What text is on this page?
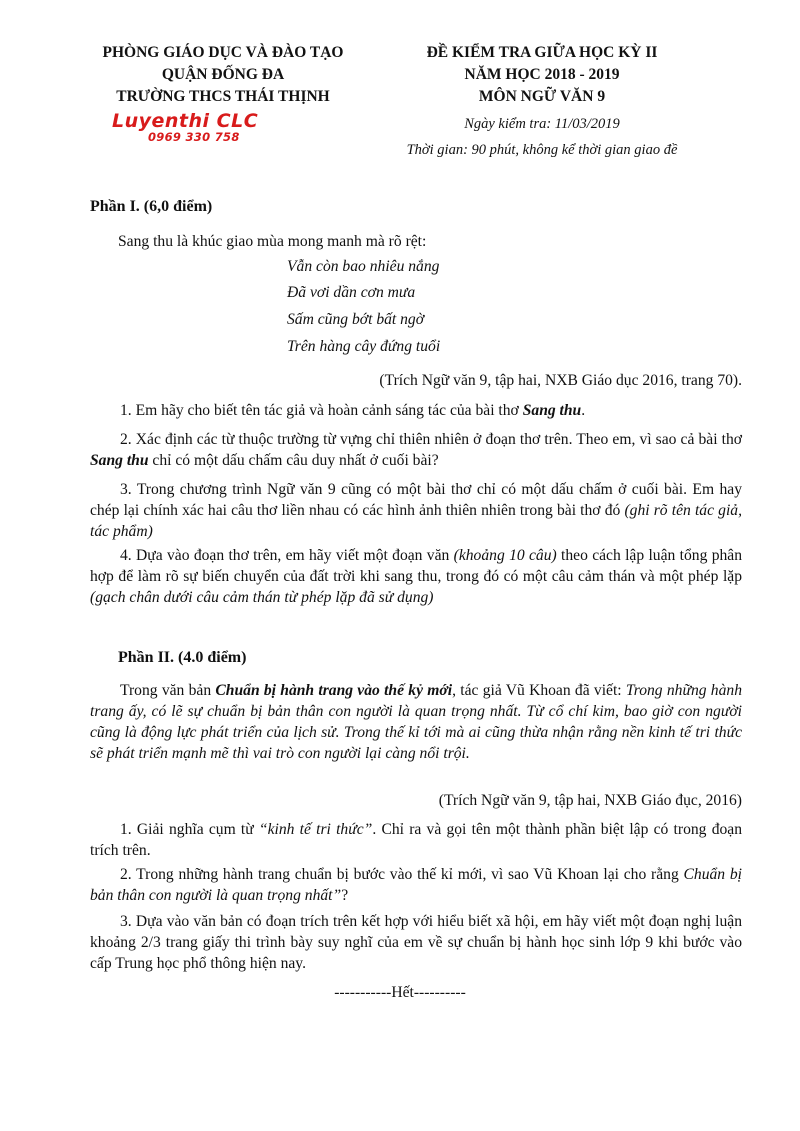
PHÒNG GIÁO DỤC VÀ ĐÀO TẠO
QUẬN ĐỐNG ĐA
TRƯỜNG THCS THÁI THỊNH
Luyenthi CLC
0969 330 758
ĐỀ KIỂM TRA GIỮA HỌC KỲ II
NĂM HỌC 2018 - 2019
MÔN NGỮ VĂN 9
Ngày kiểm tra: 11/03/2019
Thời gian: 90 phút, không kể thời gian giao đề
Phần I. (6,0 điểm)
Sang thu là khúc giao mùa mong manh mà rõ rệt:
Vẫn còn bao nhiêu nắng
Đã vơi dần cơn mưa
Sấm cũng bớt bất ngờ
Trên hàng cây đứng tuổi
(Trích Ngữ văn 9, tập hai, NXB Giáo dục 2016, trang 70).
1. Em hãy cho biết tên tác giả và hoàn cảnh sáng tác của bài thơ Sang thu.
2. Xác định các từ thuộc trường từ vựng chỉ thiên nhiên ở đoạn thơ trên. Theo em, vì sao cả bài thơ Sang thu chỉ có một dấu chấm câu duy nhất ở cuối bài?
3. Trong chương trình Ngữ văn 9 cũng có một bài thơ chỉ có một dấu chấm ở cuối bài. Em hay chép lại chính xác hai câu thơ liền nhau có các hình ảnh thiên nhiên trong bài thơ đó (ghi rõ tên tác giả, tác phẩm)
4. Dựa vào đoạn thơ trên, em hãy viết một đoạn văn (khoảng 10 câu) theo cách lập luận tổng phân hợp để làm rõ sự biến chuyển của đất trời khi sang thu, trong đó có một câu cảm thán và một phép lặp (gạch chân dưới câu cảm thán từ phép lặp đã sử dụng)
Phần II. (4.0 điểm)
Trong văn bản Chuẩn bị hành trang vào thế kỷ mới, tác giả Vũ Khoan đã viết: Trong những hành trang ấy, có lẽ sự chuẩn bị bản thân con người là quan trọng nhất. Từ cổ chí kim, bao giờ con người cũng là động lực phát triển của lịch sử. Trong thế kỉ tới mà ai cũng thừa nhận rằng nền kinh tế tri thức sẽ phát triển mạnh mẽ thì vai trò con người lại càng nổi trội.
(Trích Ngữ văn 9, tập hai, NXB Giáo đục, 2016)
1. Giải nghĩa cụm từ “kinh tế tri thức”. Chỉ ra và gọi tên một thành phần biệt lập có trong đoạn trích trên.
2. Trong những hành trang chuẩn bị bước vào thế kỉ mới, vì sao Vũ Khoan lại cho rằng Chuẩn bị bản thân con người là quan trọng nhất”?
3. Dựa vào văn bản có đoạn trích trên kết hợp với hiểu biết xã hội, em hãy viết một đoạn nghị luận khoảng 2/3 trang giấy thi trình bày suy nghĩ của em về sự chuẩn bị hành học sinh lớp 9 khi bước vào cấp Trung học phổ thông hiện nay.
-----------Hết----------
